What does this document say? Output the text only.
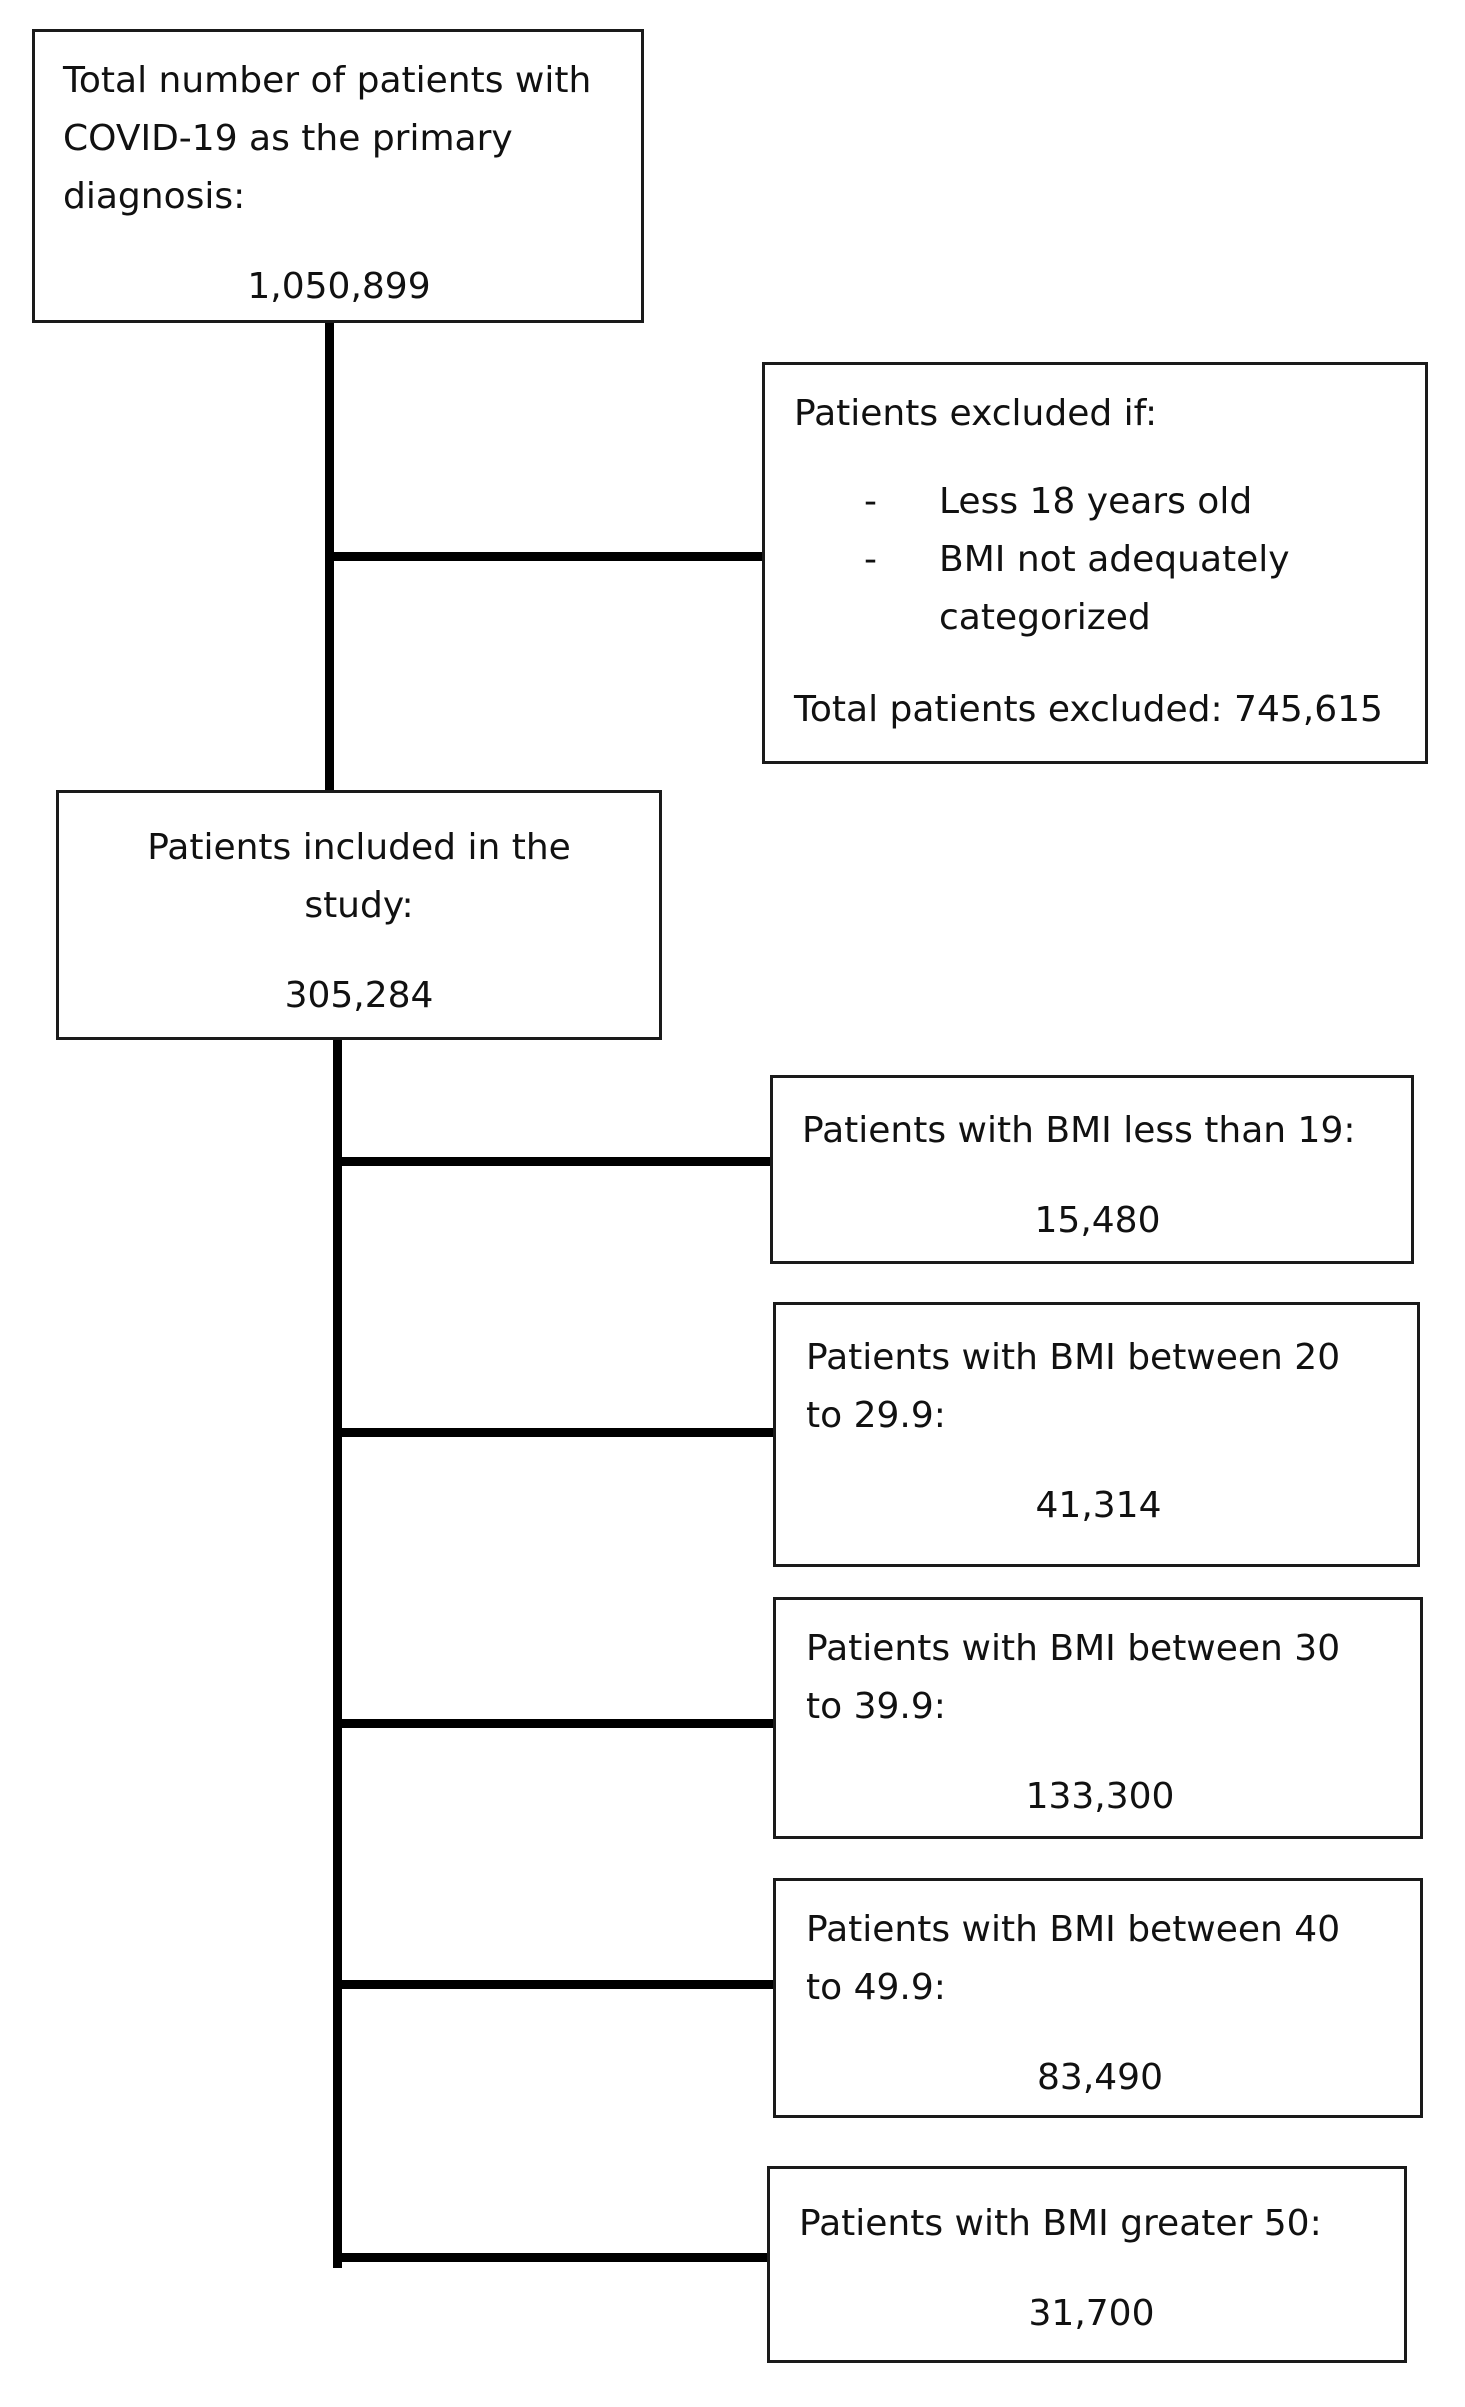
Total number of patients with COVID-19 as the primary diagnosis:

1,050,899

Patients excluded if:

- Less 18 years old
- BMI not adequately categorized

Total patients excluded: 745,615

Patients included in the study:

305,284

Patients with BMI less than 19:

15,480

Patients with BMI between 20 to 29.9:

41,314

Patients with BMI between 30 to 39.9:

133,300

Patients with BMI between 40 to 49.9:

83,490

Patients with BMI greater 50:

31,700
